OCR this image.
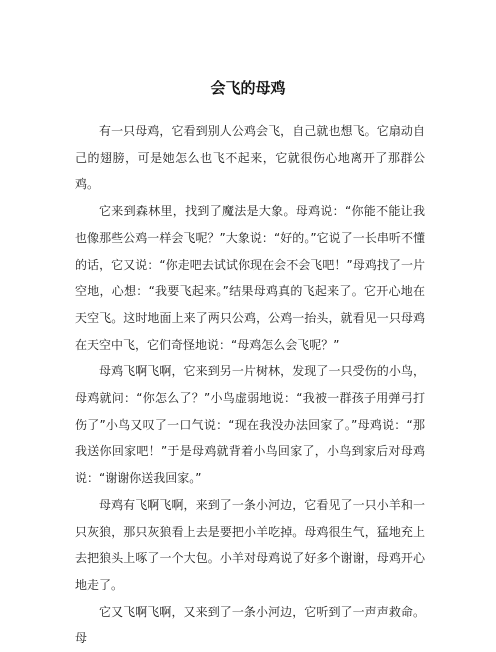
会飞的母鸡

有一只母鸡，它看到别人公鸡会飞，自己就也想飞。它扇动自己的翅膀，可是她怎么也飞不起来，它就很伤心地离开了那群公鸡。

它来到森林里，找到了魔法是大象。母鸡说：“你能不能让我也像那些公鸡一样会飞呢？”大象说：“好的。”它说了一长串听不懂的话，它又说：“你走吧去试试你现在会不会飞吧！”母鸡找了一片空地，心想：“我要飞起来。”结果母鸡真的飞起来了。它开心地在天空飞。这时地面上来了两只公鸡，公鸡一抬头，就看见一只母鸡在天空中飞，它们奇怪地说：“母鸡怎么会飞呢？”

母鸡飞啊飞啊，它来到另一片树林，发现了一只受伤的小鸟，母鸡就问：“你怎么了？”小鸟虚弱地说：“我被一群孩子用弹弓打伤了”小鸟又叹了一口气说：“现在我没办法回家了。”母鸡说：“那我送你回家吧！”于是母鸡就背着小鸟回家了，小鸟到家后对母鸡说：“谢谢你送我回家。”

母鸡有飞啊飞啊，来到了一条小河边，它看见了一只小羊和一只灰狼，那只灰狼看上去是要把小羊吃掉。母鸡很生气，猛地充上去把狼头上啄了一个大包。小羊对母鸡说了好多个谢谢，母鸡开心地走了。

它又飞啊飞啊，又来到了一条小河边，它听到了一声声救命。母
